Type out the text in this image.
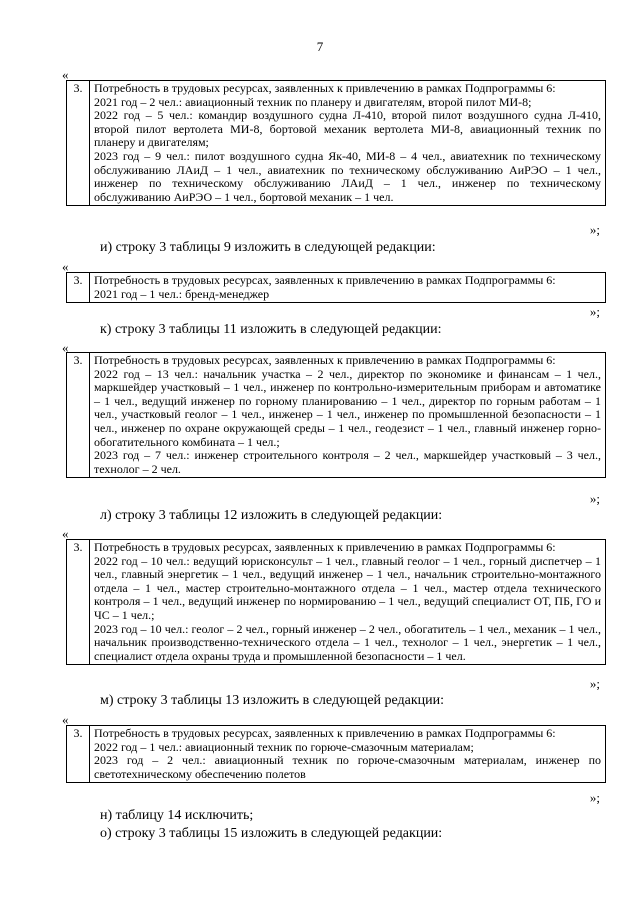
7
«
3.	Потребность в трудовых ресурсах, заявленных к привлечению в рамках Подпрограммы 6:
2021 год – 2 чел.: авиационный техник по планеру и двигателям, второй пилот МИ-8;
2022 год – 5 чел.: командир воздушного судна Л-410, второй пилот воздушного судна Л-410, второй пилот вертолета МИ-8, бортовой механик вертолета МИ-8, авиационный техник по планеру и двигателям;
2023 год – 9 чел.: пилот воздушного судна Як-40, МИ-8 – 4 чел., авиатехник по техническому обслуживанию ЛАиД – 1 чел., авиатехник по техническому обслуживанию АиРЭО – 1 чел., инженер по техническому обслуживанию ЛАиД – 1 чел., инженер по техническому обслуживанию АиРЭО – 1 чел., бортовой механик – 1 чел.
»;
и) строку 3 таблицы 9 изложить в следующей редакции:
«
3.	Потребность в трудовых ресурсах, заявленных к привлечению в рамках Подпрограммы 6:
2021 год – 1 чел.: бренд-менеджер
»;
к) строку 3 таблицы 11 изложить в следующей редакции:
«
3.	Потребность в трудовых ресурсах, заявленных к привлечению в рамках Подпрограммы 6:
2022 год – 13 чел.: начальник участка – 2 чел., директор по экономике и финансам – 1 чел., маркшейдер участковый – 1 чел., инженер по контрольно-измерительным приборам и автоматике – 1 чел., ведущий инженер по горному планированию – 1 чел., директор по горным работам – 1 чел., участковый геолог – 1 чел., инженер – 1 чел., инженер по промышленной безопасности – 1 чел., инженер по охране окружающей среды – 1 чел., геодезист – 1 чел., главный инженер горно-обогатительного комбината – 1 чел.;
2023 год – 7 чел.: инженер строительного контроля – 2 чел., маркшейдер участковый – 3 чел., технолог – 2 чел.
»;
л) строку 3 таблицы 12 изложить в следующей редакции:
«
3.	Потребность в трудовых ресурсах, заявленных к привлечению в рамках Подпрограммы 6:
2022 год – 10 чел.: ведущий юрисконсульт – 1 чел., главный геолог – 1 чел., горный диспетчер – 1 чел., главный энергетик – 1 чел., ведущий инженер – 1 чел., начальник строительно-монтажного отдела – 1 чел., мастер строительно-монтажного отдела – 1 чел., мастер отдела технического контроля – 1 чел., ведущий инженер по нормированию – 1 чел., ведущий специалист ОТ, ПБ, ГО и ЧС – 1 чел.;
2023 год – 10 чел.: геолог – 2 чел., горный инженер – 2 чел., обогатитель – 1 чел., механик – 1 чел., начальник производственно-технического отдела – 1 чел., технолог – 1 чел., энергетик – 1 чел., специалист отдела охраны труда и промышленной безопасности – 1 чел.
»;
м) строку 3 таблицы 13 изложить в следующей редакции:
«
3.	Потребность в трудовых ресурсах, заявленных к привлечению в рамках Подпрограммы 6:
2022 год – 1 чел.: авиационный техник по горюче-смазочным материалам;
2023 год – 2 чел.: авиационный техник по горюче-смазочным материалам, инженер по светотехническому обеспечению полетов
»;
н) таблицу 14 исключить;
о) строку 3 таблицы 15 изложить в следующей редакции:
